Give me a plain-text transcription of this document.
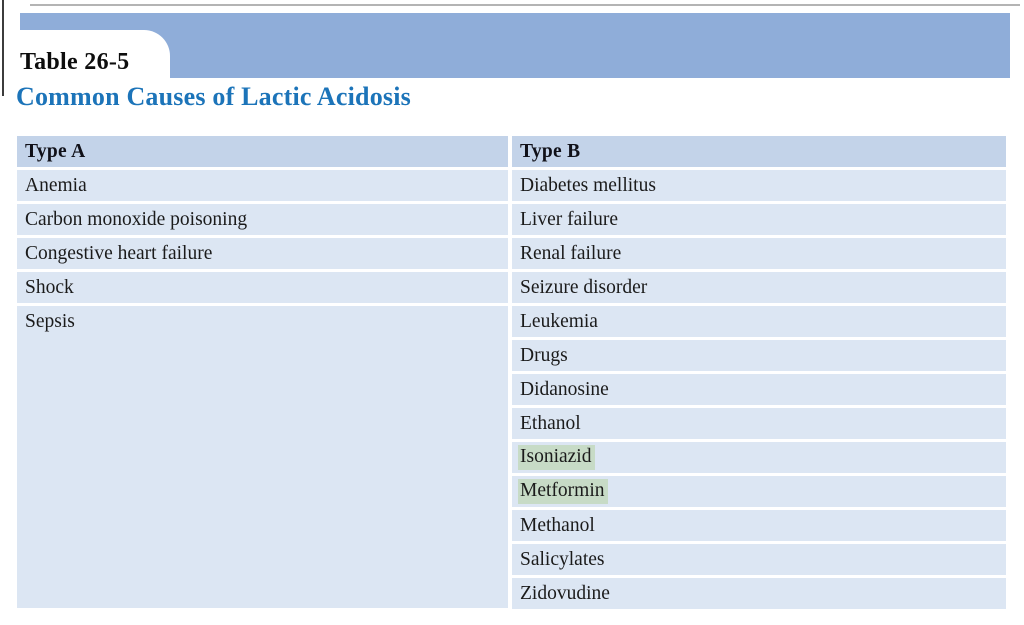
Table 26-5
Common Causes of Lactic Acidosis
Type A
Anemia
Carbon monoxide poisoning
Congestive heart failure
Shock
Sepsis
Type B
Diabetes mellitus
Liver failure
Renal failure
Seizure disorder
Leukemia
Drugs
Didanosine
Ethanol
Isoniazid
Metformin
Methanol
Salicylates
Zidovudine
